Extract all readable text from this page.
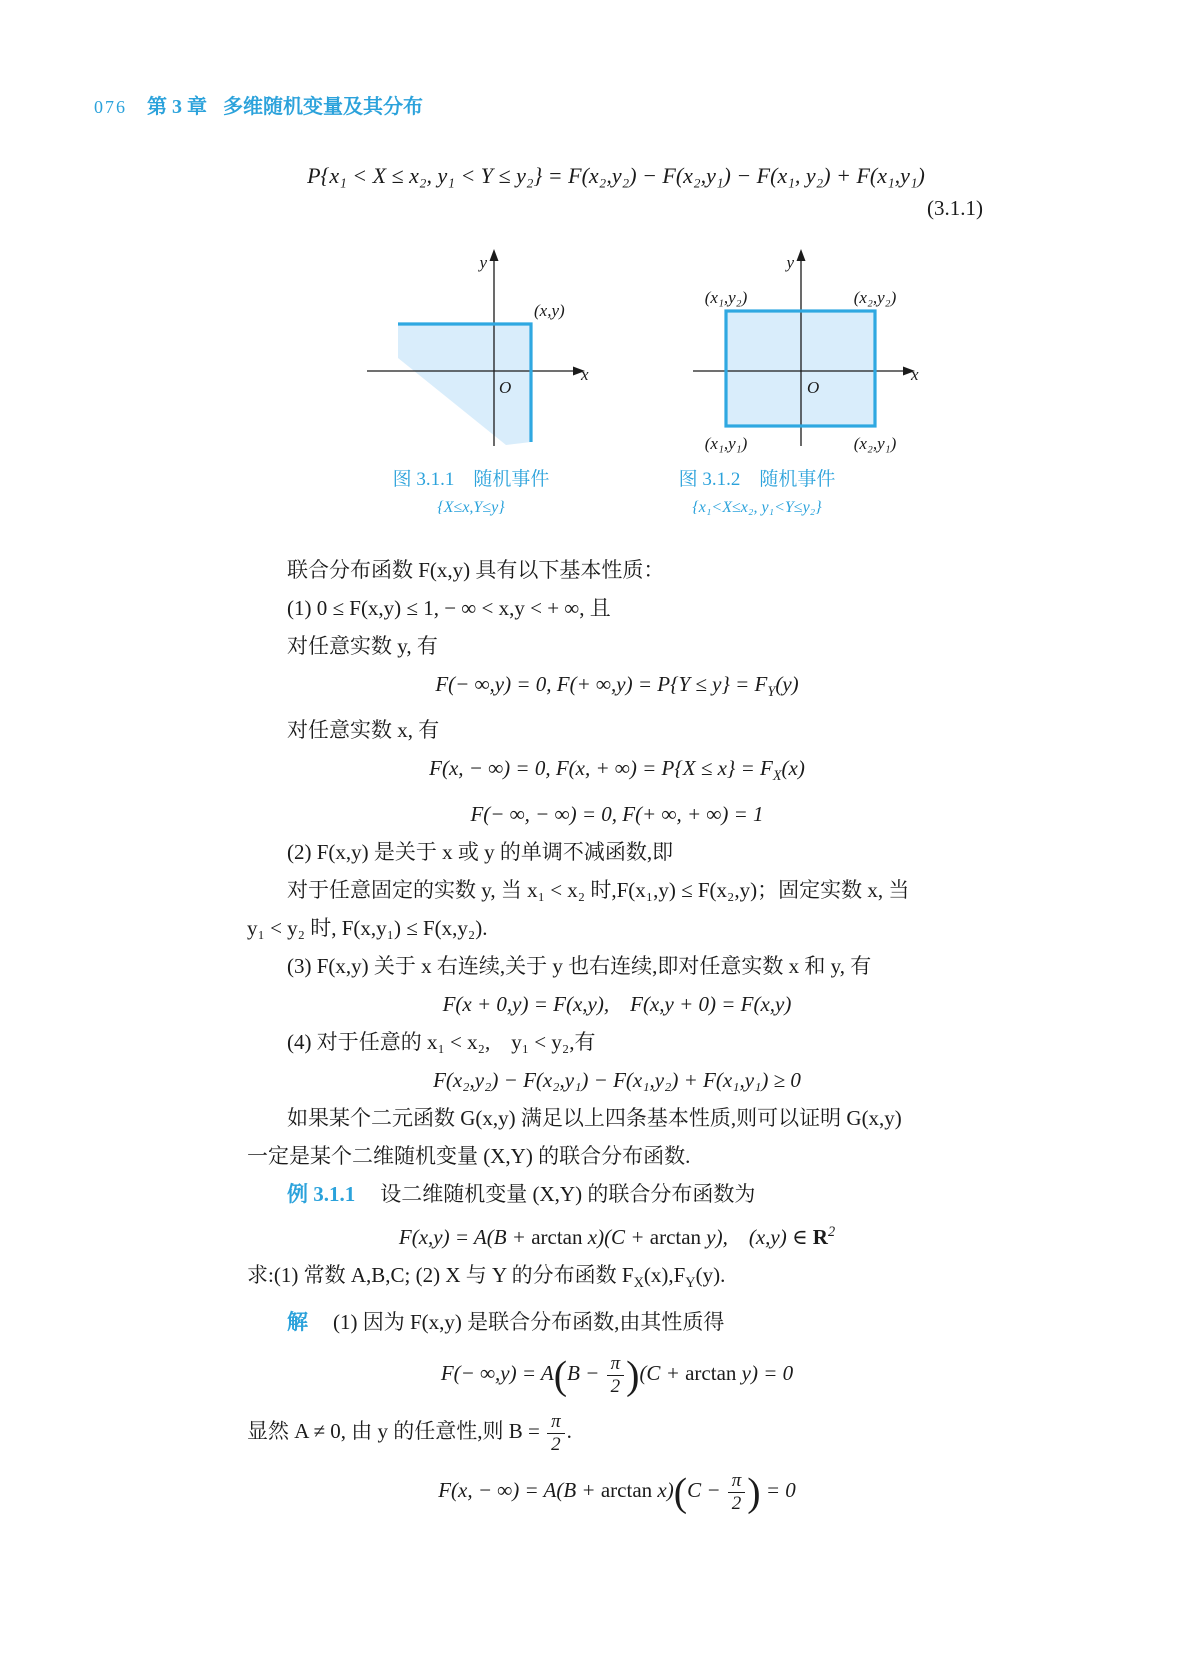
076 第 3 章 多维随机变量及其分布
P{x₁ < X ≤ x₂, y₁ < Y ≤ y₂} = F(x₂,y₂) − F(x₂,y₁) − F(x₁, y₂) + F(x₁,y₁)
(3.1.1)
y
x
O
(x,y)
y
x
O
(x₁,y₂)	(x₂,y₂)
(x₁,y₁)	(x₂,y₁)
图 3.1.1　随机事件
{X≤x,Y≤y}
图 3.1.2　随机事件
{x₁<X≤x₂, y₁<Y≤y₂}
联合分布函数 F(x,y) 具有以下基本性质：
(1) 0 ≤ F(x,y) ≤ 1, − ∞ < x,y < + ∞, 且
对任意实数 y, 有
F(− ∞,y) = 0, $F(+ \infty,y) = P\{Y \le y\} = F_Y(y)$
对任意实数 x, 有
F(x, − ∞) = 0, F(x, + ∞) = $P\{X \le x\} = F_X(x)$
F(− ∞, − ∞) = 0, F(+ ∞, + ∞) = 1
(2) F(x,y) 是关于 x 或 y 的单调不减函数,即
对于任意固定的实数 y, 当 x₁ < x₂ 时,F(x₁,y) ≤ F(x₂,y)；固定实数 x, 当
y₁ < y₂ 时, F(x,y₁) ≤ F(x,y₂).
(3) F(x,y) 关于 x 右连续,关于 y 也右连续,即对任意实数 x 和 y, 有
F(x + 0,y) = F(x,y),　F(x,y + 0) = F(x,y)
(4) 对于任意的 x₁ < x₂,　y₁ < y₂,有
F(x₂,y₂) − F(x₂,y₁) − F(x₁,y₂) + F(x₁,y₁) ≥ 0
如果某个二元函数 G(x,y) 满足以上四条基本性质,则可以证明 G(x,y)
一定是某个二维随机变量 (X,Y) 的联合分布函数.
例 3.1.1　设二维随机变量 (X,Y) 的联合分布函数为
F(x,y) = A(B + arctan x)(C + arctan y),　(x,y) ∈ $R^2$
求:(1) 常数 A,B,C; (2) X 与 Y 的分布函数 $F_X(x),F_Y(y)$.
解　(1) 因为 F(x,y) 是联合分布函数,由其性质得
$F(- \infty,y) = A(B - \frac{\pi}{2} )(C + \arctan y) = 0$
显然 A ≠ 0, 由 y 的任意性,则 $B = \frac{\pi}{2}$ .
F(x, − ∞) = $A(B + \arctan x)(C - \frac{\pi}{2}$ ) = 0
